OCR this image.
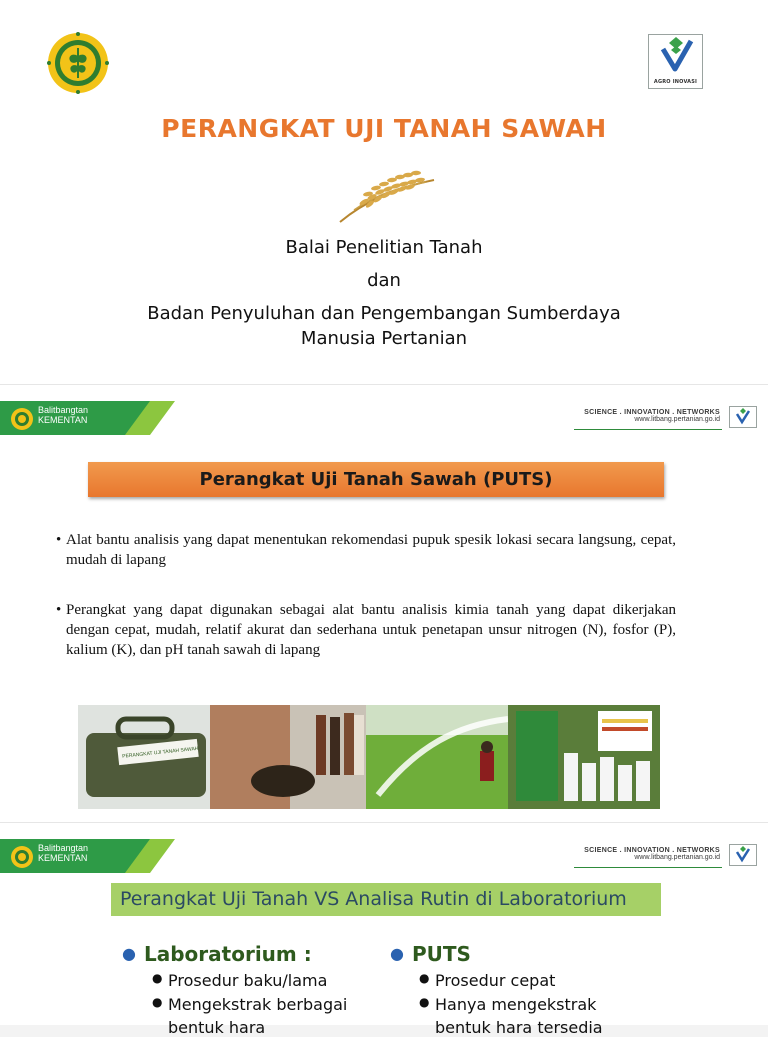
AGRO INOVASI
PERANGKAT UJI TANAH SAWAH
Balai Penelitian Tanah
dan
Badan Penyuluhan dan Pengembangan Sumberdaya
Manusia Pertanian
Balitbangtan
KEMENTAN
SCIENCE . INNOVATION . NETWORKS
www.litbang.pertanian.go.id
Perangkat Uji Tanah Sawah (PUTS)
• Alat bantu analisis yang dapat menentukan rekomendasi pupuk spesik lokasi secara langsung, cepat, mudah di lapang
• Perangkat yang dapat digunakan sebagai alat bantu analisis kimia tanah yang dapat dikerjakan dengan cepat, mudah, relatif akurat dan sederhana untuk penetapan unsur nitrogen (N), fosfor (P), kalium (K), dan pH tanah sawah di lapang
PERANGKAT UJI TANAH SAWAH
Balitbangtan
KEMENTAN
SCIENCE . INNOVATION . NETWORKS
www.litbang.pertanian.go.id
Perangkat Uji Tanah VS Analisa Rutin di Laboratorium
● Laboratorium :
● Prosedur baku/lama
● Mengekstrak berbagai
bentuk hara
● PUTS
● Prosedur cepat
● Hanya mengekstrak
bentuk hara tersedia
